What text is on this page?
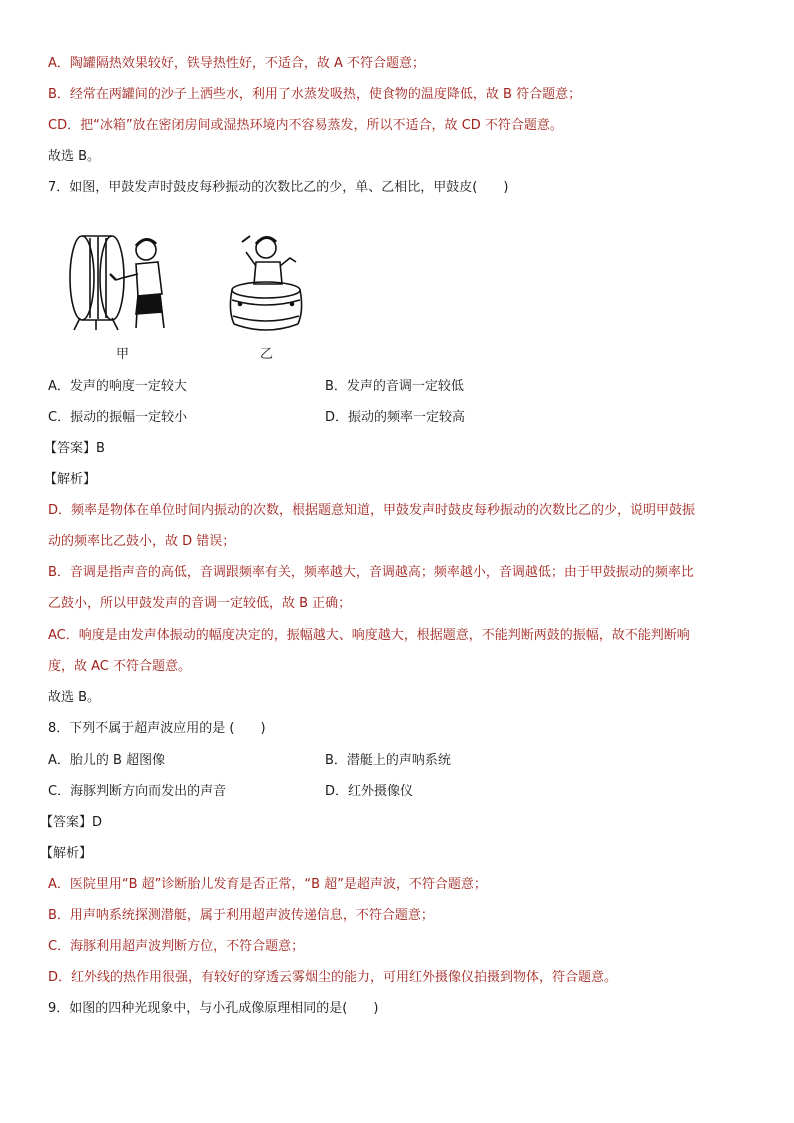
A．陶罐隔热效果较好，铁导热性好，不适合，故 A 不符合题意；
B．经常在两罐间的沙子上洒些水，利用了水蒸发吸热，使食物的温度降低，故 B 符合题意；
CD．把“冰箱”放在密闭房间或湿热环境内不容易蒸发，所以不适合，故 CD 不符合题意。
故选 B。
7．如图，甲鼓发声时鼓皮每秒振动的次数比乙的少，单、乙相比，甲鼓皮(　　)
甲	乙
A．发声的响度一定较大	B．发声的音调一定较低
C．振动的振幅一定较小	D．振动的频率一定较高
【答案】B
【解析】
D．频率是物体在单位时间内振动的次数，根据题意知道，甲鼓发声时鼓皮每秒振动的次数比乙的少，说明甲鼓振
动的频率比乙鼓小，故 D 错误；
B．音调是指声音的高低，音调跟频率有关，频率越大，音调越高；频率越小，音调越低；由于甲鼓振动的频率比
乙鼓小，所以甲鼓发声的音调一定较低，故 B 正确；
AC．响度是由发声体振动的幅度决定的，振幅越大、响度越大，根据题意，不能判断两鼓的振幅，故不能判断响
度，故 AC 不符合题意。
故选 B。
8．下列不属于超声波应用的是 (　　)
A．胎儿的 B 超图像	B．潜艇上的声呐系统
C．海豚判断方向而发出的声音	D．红外摄像仪
【答案】D
【解析】
A．医院里用“B 超”诊断胎儿发育是否正常，“B 超”是超声波，不符合题意；
B．用声呐系统探测潜艇，属于利用超声波传递信息，不符合题意；
C．海豚利用超声波判断方位，不符合题意；
D．红外线的热作用很强，有较好的穿透云雾烟尘的能力，可用红外摄像仪拍摄到物体，符合题意。
9．如图的四种光现象中，与小孔成像原理相同的是(　　)
